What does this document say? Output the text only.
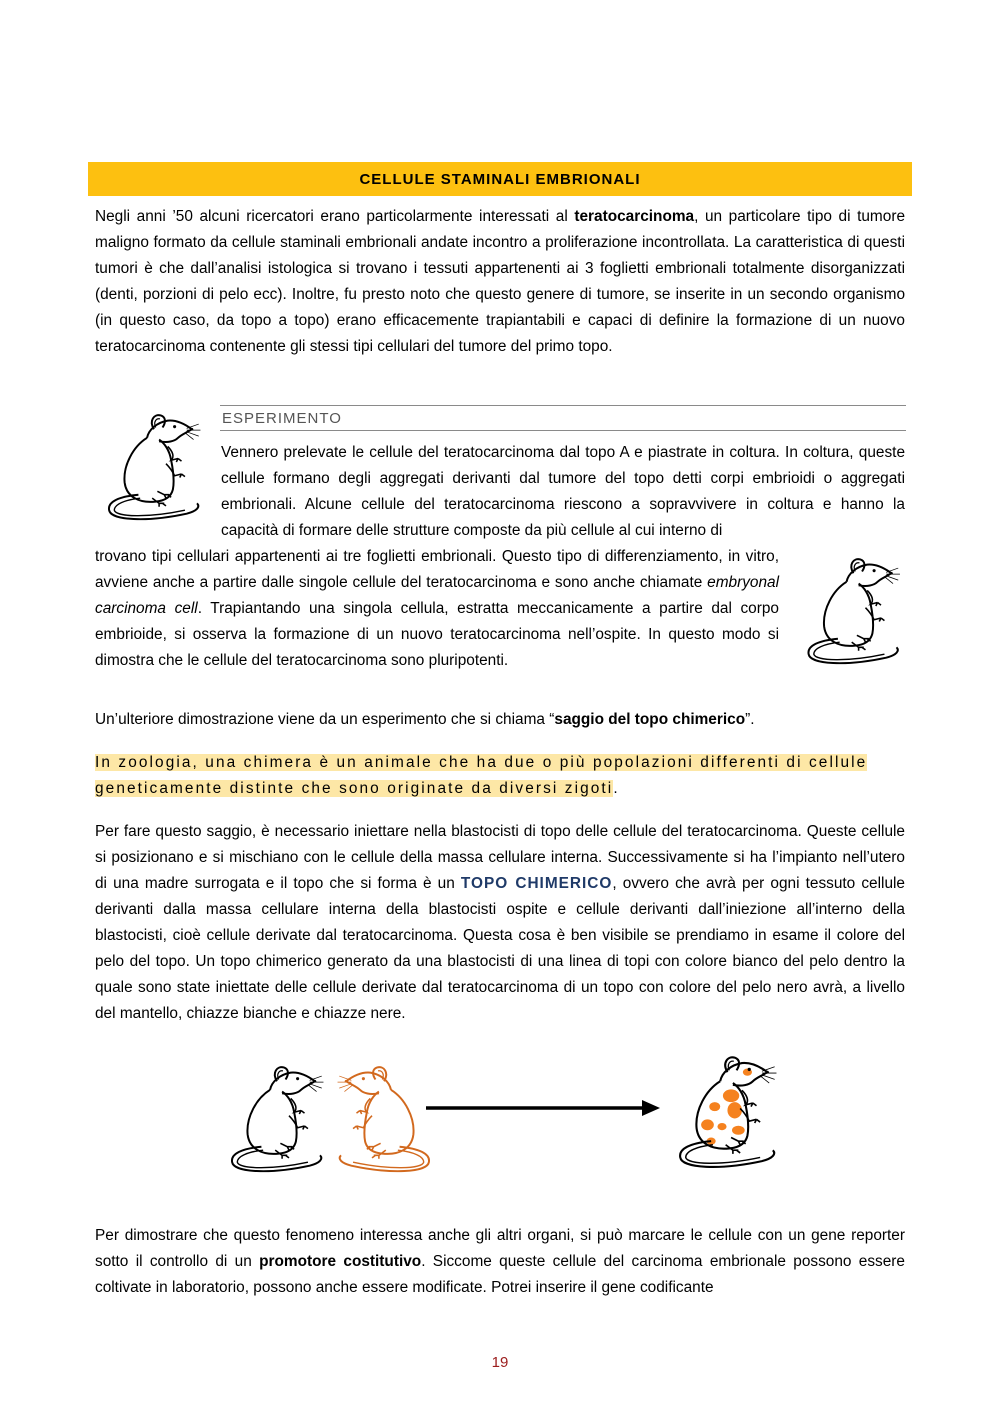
CELLULE STAMINALI EMBRIONALI
Negli anni ’50 alcuni ricercatori erano particolarmente interessati al teratocarcinoma, un particolare tipo di tumore maligno formato da cellule staminali embrionali andate incontro a proliferazione incontrollata. La caratteristica di questi tumori è che dall’analisi istologica si trovano i tessuti appartenenti ai 3 foglietti embrionali totalmente disorganizzati (denti, porzioni di pelo ecc). Inoltre, fu presto noto che questo genere di tumore, se inserite in un secondo organismo (in questo caso, da topo a topo) erano efficacemente trapiantabili e capaci di definire la formazione di un nuovo teratocarcinoma contenente gli stessi tipi cellulari del tumore del primo topo.
ESPERIMENTO
Vennero prelevate le cellule del teratocarcinoma dal topo A e piastrate in coltura. In coltura, queste cellule formano degli aggregati derivanti dal tumore del topo detti corpi embrioidi o aggregati embrionali. Alcune cellule del teratocarcinoma riescono a sopravvivere in coltura e hanno la capacità di formare delle strutture composte da più cellule al cui interno di
trovano tipi cellulari appartenenti ai tre foglietti embrionali. Questo tipo di differenziamento, in vitro, avviene anche a partire dalle singole cellule del teratocarcinoma e sono anche chiamate embryonal carcinoma cell. Trapiantando una singola cellula, estratta meccanicamente a partire dal corpo embrioide, si osserva la formazione di un nuovo teratocarcinoma nell’ospite. In questo modo si dimostra che le cellule del teratocarcinoma sono pluripotenti.
Un’ulteriore dimostrazione viene da un esperimento che si chiama “saggio del topo chimerico”.
In zoologia, una chimera è un animale che ha due o più popolazioni differenti di cellule geneticamente distinte che sono originate da diversi zigoti.
Per fare questo saggio, è necessario iniettare nella blastocisti di topo delle cellule del teratocarcinoma. Queste cellule si posizionano e si mischiano con le cellule della massa cellulare interna. Successivamente si ha l’impianto nell’utero di una madre surrogata e il topo che si forma è un TOPO CHIMERICO, ovvero che avrà per ogni tessuto cellule derivanti dalla massa cellulare interna della blastocisti ospite e cellule derivanti dall’iniezione all’interno della blastocisti, cioè cellule derivate dal teratocarcinoma. Questa cosa è ben visibile se prendiamo in esame il colore del pelo del topo. Un topo chimerico generato da una blastocisti di una linea di topi con colore bianco del pelo dentro la quale sono state iniettate delle cellule derivate dal teratocarcinoma di un topo con colore del pelo nero avrà, a livello del mantello, chiazze bianche e chiazze nere.
Per dimostrare che questo fenomeno interessa anche gli altri organi, si può marcare le cellule con un gene reporter sotto il controllo di un promotore costitutivo. Siccome queste cellule del carcinoma embrionale possono essere coltivate in laboratorio, possono anche essere modificate. Potrei inserire il gene codificante
19
